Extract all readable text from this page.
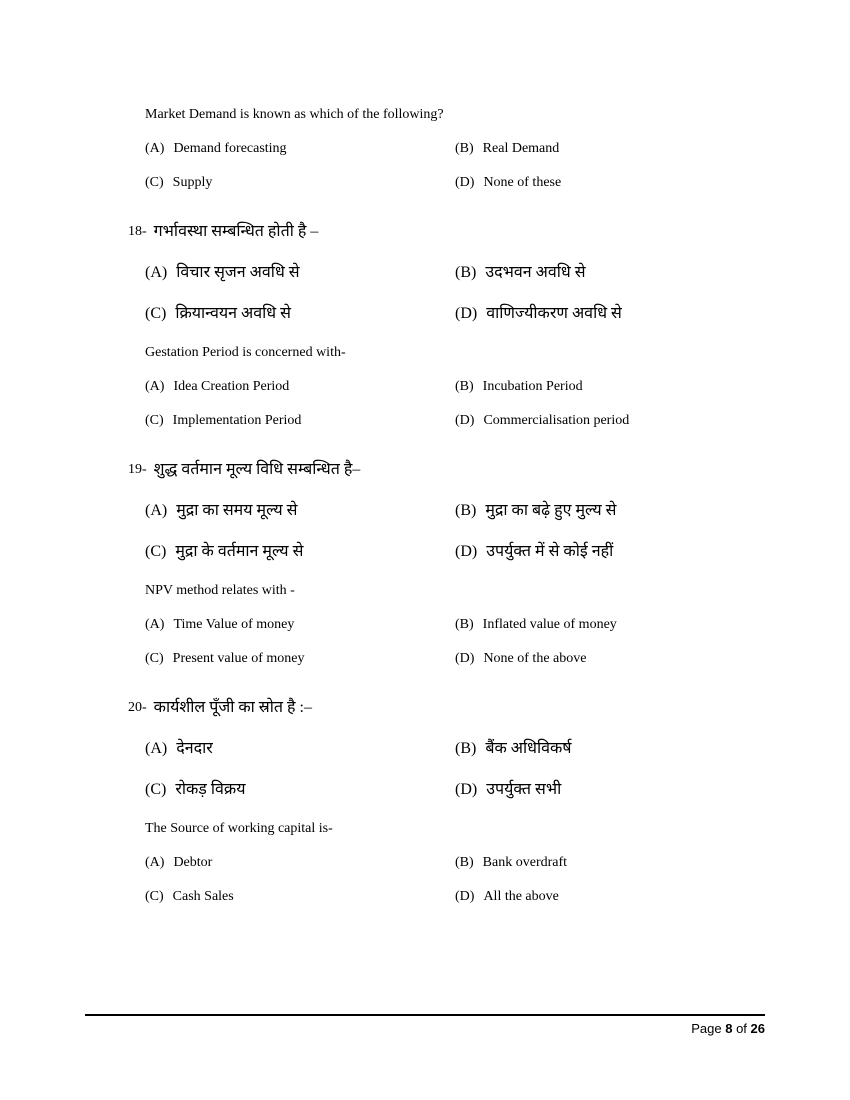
Market Demand is known as which of the following?
(A) Demand forecasting	(B) Real Demand
(C) Supply	(D) None of these
18- गर्भावस्था सम्बन्धित होती है –
(A) विचार सृजन अवधि से	(B) उदभवन अवधि से
(C) क्रियान्वयन अवधि से	(D) वाणिज्यीकरण अवधि से
Gestation Period is concerned with-
(A) Idea Creation Period	(B) Incubation Period
(C) Implementation Period	(D) Commercialisation period
19- शुद्ध वर्तमान मूल्य विधि सम्बन्धित है–
(A) मुद्रा का समय मूल्य से	(B) मुद्रा का बढ़े हुए मुल्य से
(C) मुद्रा के वर्तमान मूल्य से	(D) उपर्युक्त में से कोई नहीं
NPV method relates with -
(A) Time Value of money	(B) Inflated value of money
(C) Present value of money	(D) None of the above
20- कार्यशील पूँजी का स्रोत है :–
(A) देनदार	(B) बैंक अधिविकर्ष
(C) रोकड़ विक्रय	(D) उपर्युक्त सभी
The Source of working capital is-
(A) Debtor	(B) Bank overdraft
(C) Cash Sales	(D) All the above
Page 8 of 26
